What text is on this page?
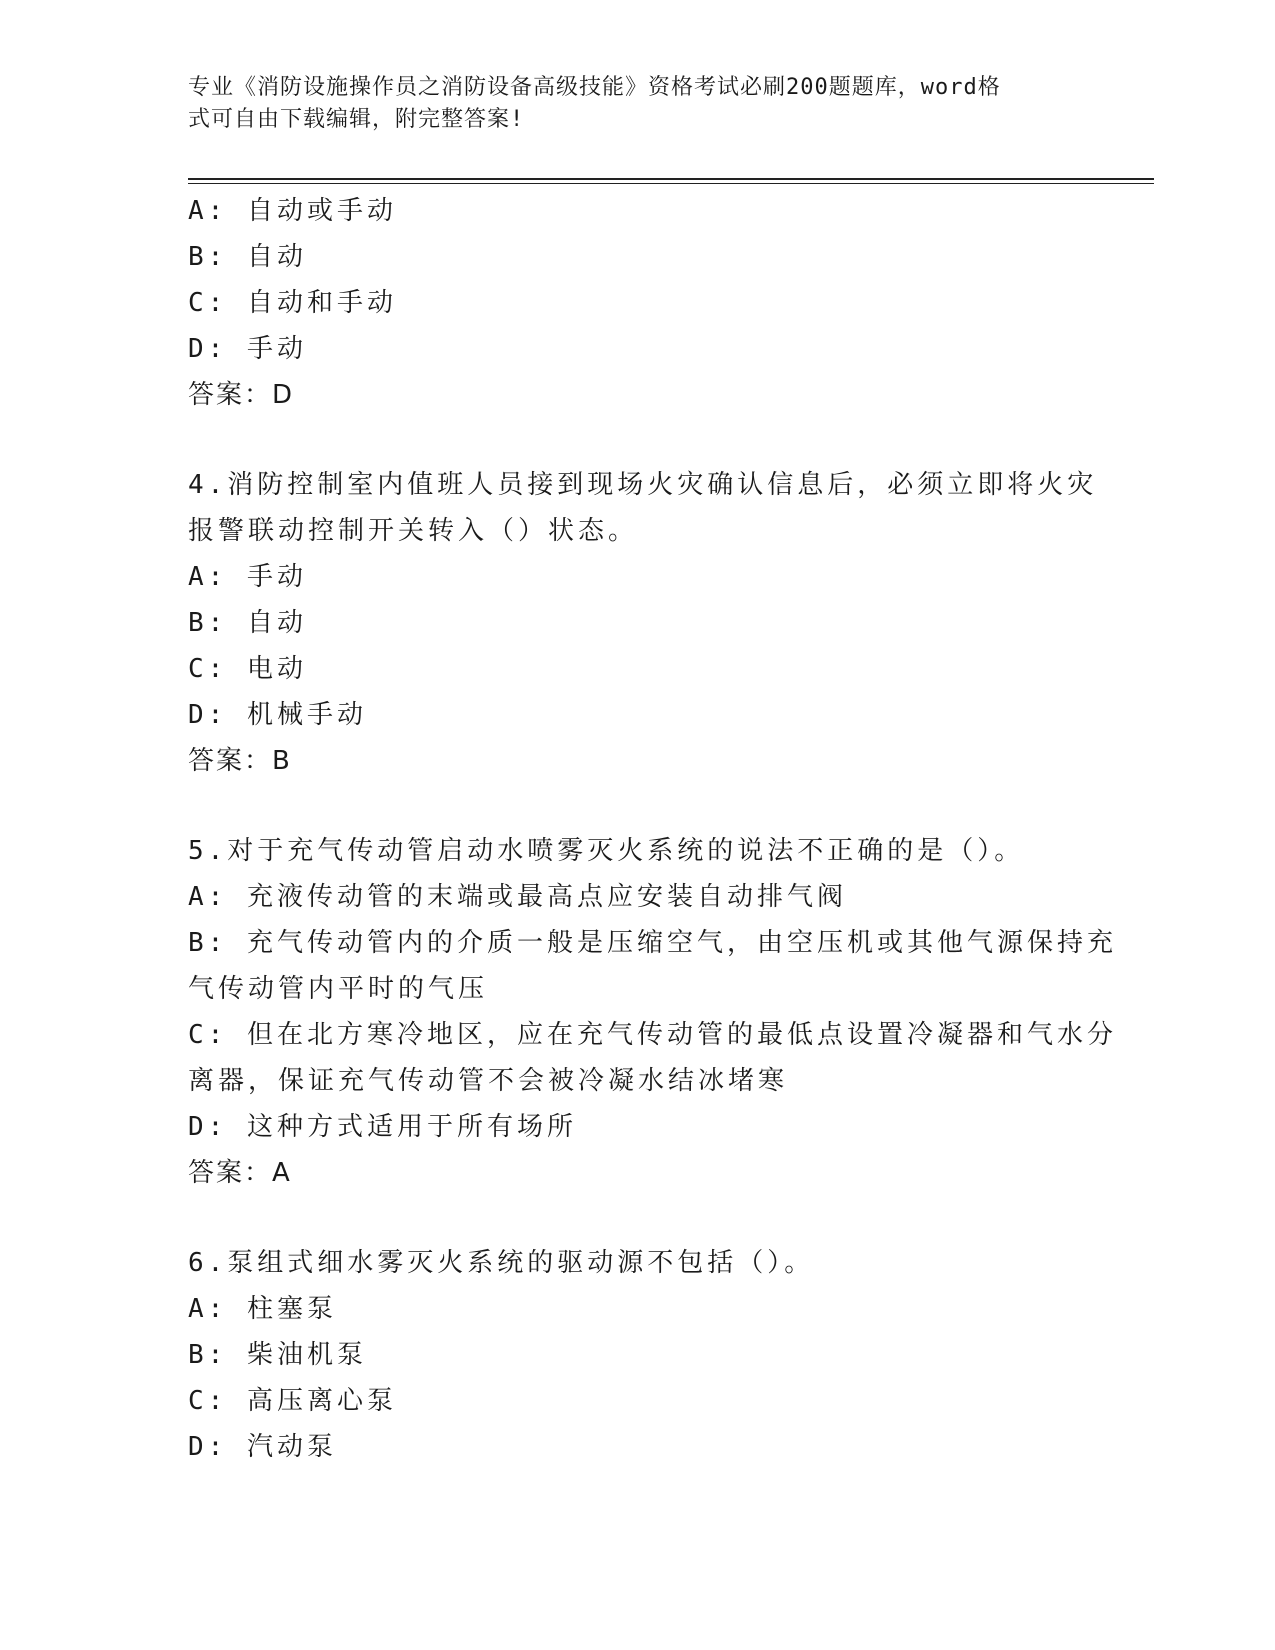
专业《消防设施操作员之消防设备高级技能》资格考试必刷200题题库，word格
式可自由下载编辑，附完整答案!
A: 自动或手动
B: 自动
C: 自动和手动
D: 手动
答案：D
4.消防控制室内值班人员接到现场火灾确认信息后，必须立即将火灾
报警联动控制开关转入（）状态。
A: 手动
B: 自动
C: 电动
D: 机械手动
答案：B
5.对于充气传动管启动水喷雾灭火系统的说法不正确的是（）。
A: 充液传动管的末端或最高点应安装自动排气阀
B: 充气传动管内的介质一般是压缩空气，由空压机或其他气源保持充
气传动管内平时的气压
C: 但在北方寒冷地区，应在充气传动管的最低点设置冷凝器和气水分
离器，保证充气传动管不会被冷凝水结冰堵寒
D: 这种方式适用于所有场所
答案：A
6.泵组式细水雾灭火系统的驱动源不包括（）。
A: 柱塞泵
B: 柴油机泵
C: 高压离心泵
D: 汽动泵
